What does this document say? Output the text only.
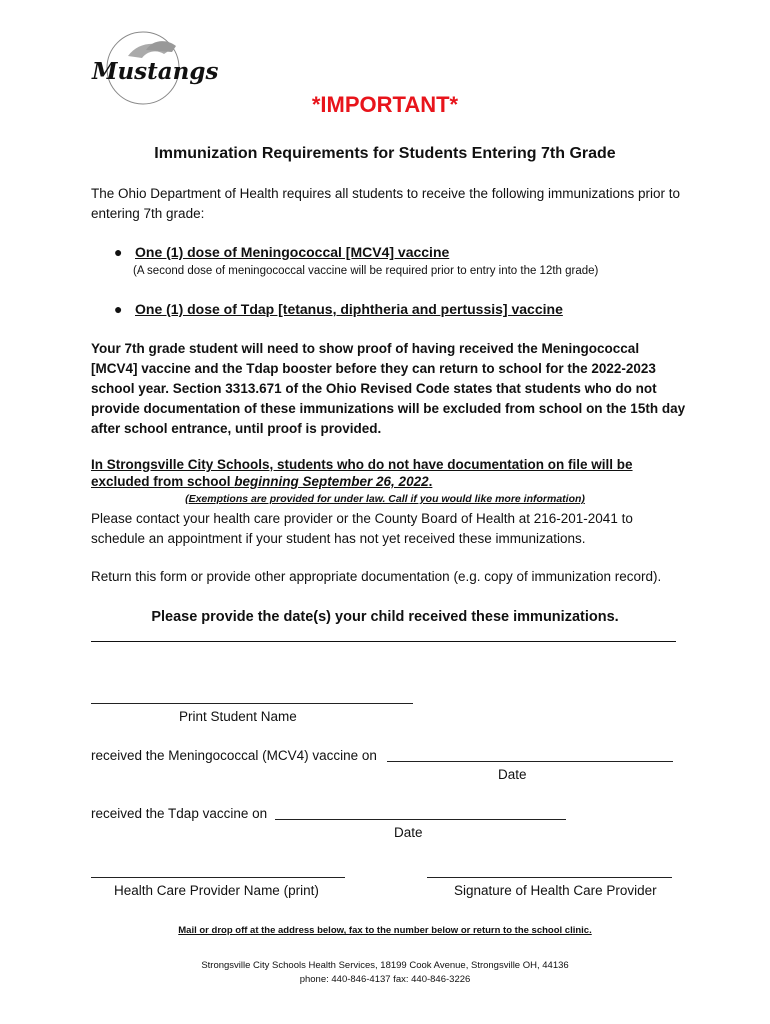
Mustangs
*IMPORTANT*
Immunization Requirements for Students Entering 7th Grade
The Ohio Department of Health requires all students to receive the following immunizations prior to entering 7th grade:
● One (1) dose of Meningococcal [MCV4] vaccine
(A second dose of meningococcal vaccine will be required prior to entry into the 12th grade)
● One (1) dose of Tdap [tetanus, diphtheria and pertussis] vaccine
Your 7th grade student will need to show proof of having received the Meningococcal [MCV4] vaccine and the Tdap booster before they can return to school for the 2022-2023 school year. Section 3313.671 of the Ohio Revised Code states that students who do not provide documentation of these immunizations will be excluded from school on the 15th day after school entrance, until proof is provided.
In Strongsville City Schools, students who do not have documentation on file will be
excluded from school beginning September 26, 2022.
(Exemptions are provided for under law. Call if you would like more information)
Please contact your health care provider or the County Board of Health at 216-201-2041 to schedule an appointment if your student has not yet received these immunizations.
Return this form or provide other appropriate documentation (e.g. copy of immunization record).
Please provide the date(s) your child received these immunizations.
Print Student Name
received the Meningococcal (MCV4) vaccine on
Date
received the Tdap vaccine on
Date
Health Care Provider Name (print)	Signature of Health Care Provider
Mail or drop off at the address below, fax to the number below or return to the school clinic.
Strongsville City Schools Health Services, 18199 Cook Avenue, Strongsville OH, 44136
phone: 440-846-4137 fax: 440-846-3226
